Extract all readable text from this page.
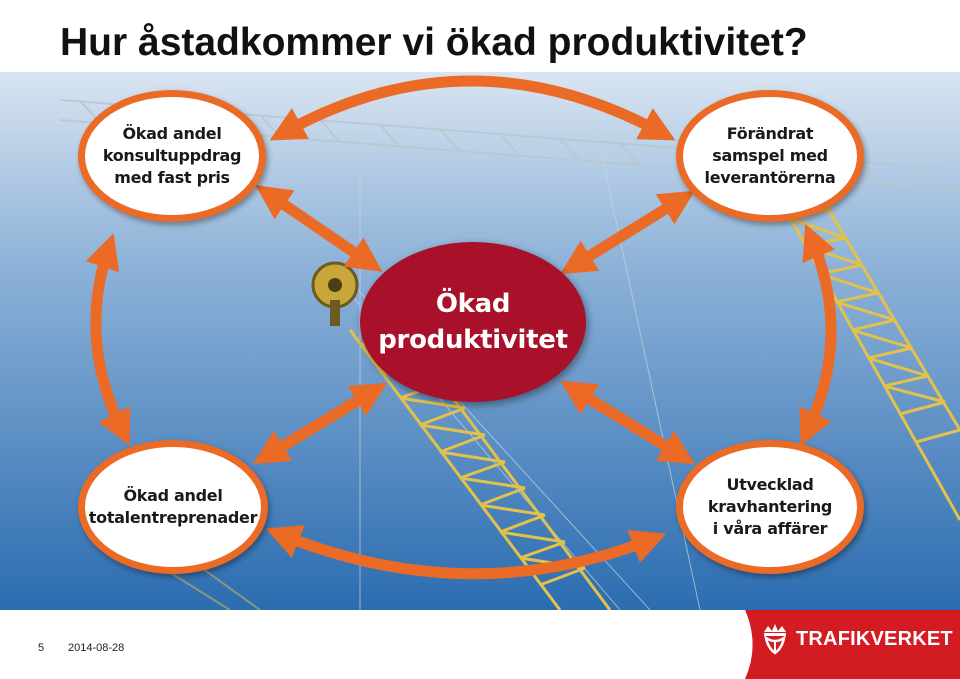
Hur åstadkommer vi ökad produktivitet?
Ökad andel
konsultuppdrag
med fast pris
Förändrat
samspel med
leverantörerna
Ökad andel
totalentreprenader
Utvecklad
kravhantering
i våra affärer
Ökad
produktivitet
5 2014-08-28	TRAFIKVERKET
